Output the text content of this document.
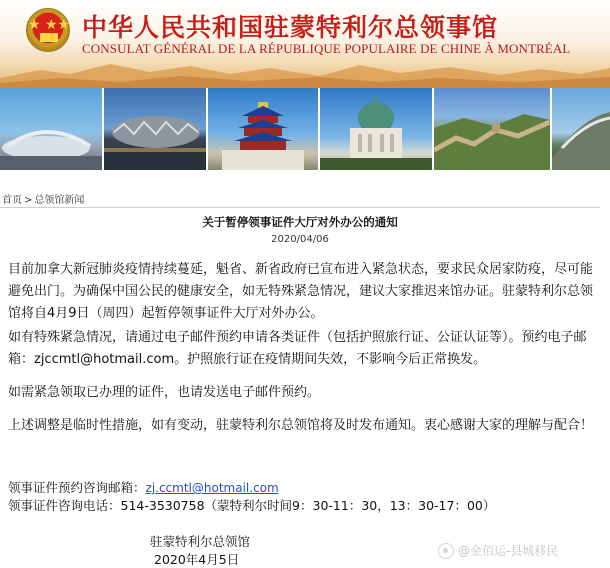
★ ★★ 中华人民共和国驻蒙特利尔总领事馆
CONSULAT GÉNÉRAL DE LA RÉPUBLIQUE POPULAIRE DE CHINE À MONTRÉAL
首页 > 总领馆新闻
关于暂停领事证件大厅对外办公的通知
2020/04/06
目前加拿大新冠肺炎疫情持续蔓延，魁省、新省政府已宣布进入紧急状态，要求民众居家防疫，尽可能避免出门。为确保中国公民的健康安全，如无特殊紧急情况，建议大家推迟来馆办证。驻蒙特利尔总领馆将自4月9日（周四）起暂停领事证件大厅对外办公。
如有特殊紧急情况，请通过电子邮件预约申请各类证件（包括护照旅行证、公证认证等）。预约电子邮箱：zjccmtl@hotmail.com。护照旅行证在疫情期间失效，不影响今后正常换发。
如需紧急领取已办理的证件，也请发送电子邮件预约。
上述调整是临时性措施，如有变动，驻蒙特利尔总领馆将及时发布通知。衷心感谢大家的理解与配合！
领事证件预约咨询邮箱：zj.ccmtl@hotmail.com
领事证件咨询电话：514-3530758（蒙特利尔时间9：30-11：30，13：30-17：00）
驻蒙特利尔总领馆
2020年4月5日
@金佰运-县城移民
